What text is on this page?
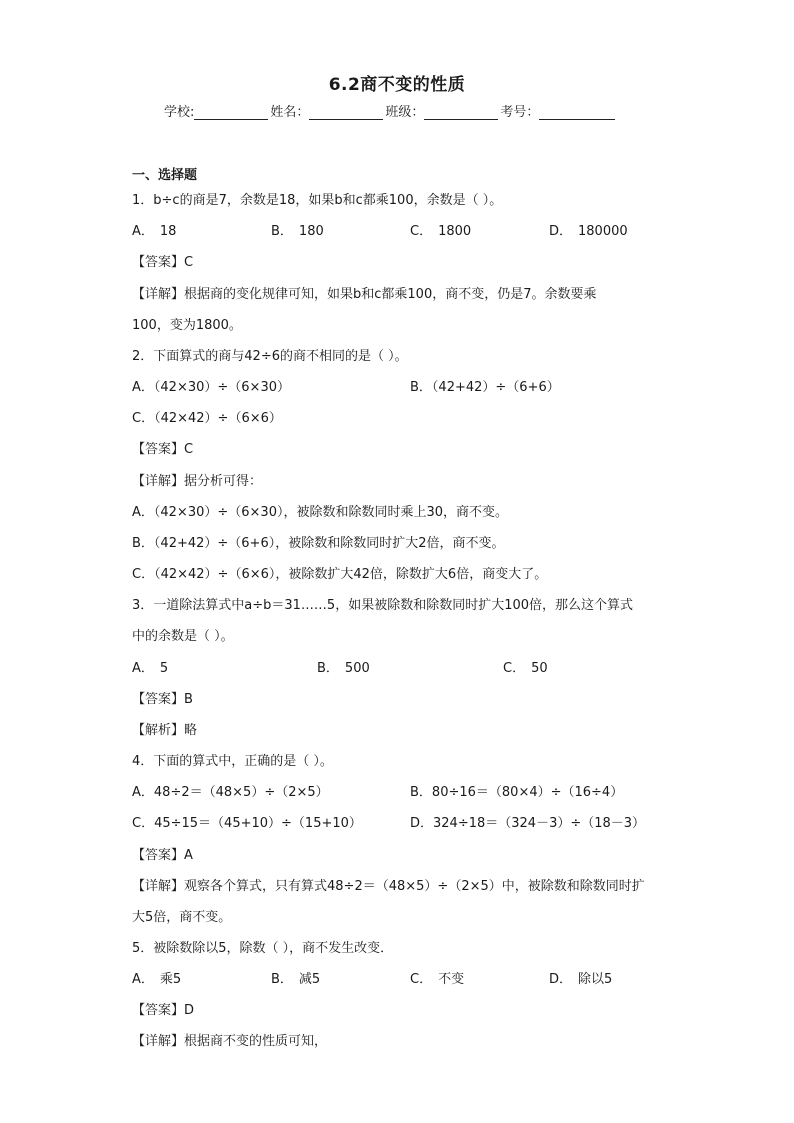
6.2商不变的性质
学校:	姓名：	班级：	考号：
一、选择题
1．b÷c的商是7，余数是18，如果b和c都乘100，余数是（ ）。
A． 18	B． 180	C． 1800	D． 180000
【答案】C
【详解】根据商的变化规律可知，如果b和c都乘100，商不变，仍是7。余数要乘
100，变为1800。
2．下面算式的商与42÷6的商不相同的是（ ）。
A．（42×30）÷（6×30）	B．（42+42）÷（6+6）
C．（42×42）÷（6×6）
【答案】C
【详解】据分析可得：
A．（42×30）÷（6×30），被除数和除数同时乘上30，商不变。
B．（42+42）÷（6+6），被除数和除数同时扩大2倍，商不变。
C．（42×42）÷（6×6），被除数扩大42倍，除数扩大6倍，商变大了。
3．一道除法算式中a÷b＝31……5，如果被除数和除数同时扩大100倍，那么这个算式
中的余数是（ ）。
A． 5	B． 500	C． 50
【答案】B
【解析】略
4．下面的算式中，正确的是（ ）。
A．48÷2＝（48×5）÷（2×5）	B．80÷16＝（80×4）÷（16÷4）
C．45÷15＝（45+10）÷（15+10）	D．324÷18＝（324－3）÷（18－3）
【答案】A
【详解】观察各个算式，只有算式48÷2＝（48×5）÷（2×5）中，被除数和除数同时扩
大5倍，商不变。
5．被除数除以5，除数（ ），商不发生改变．
A． 乘5	B． 减5	C． 不变	D． 除以5
【答案】D
【详解】根据商不变的性质可知，
